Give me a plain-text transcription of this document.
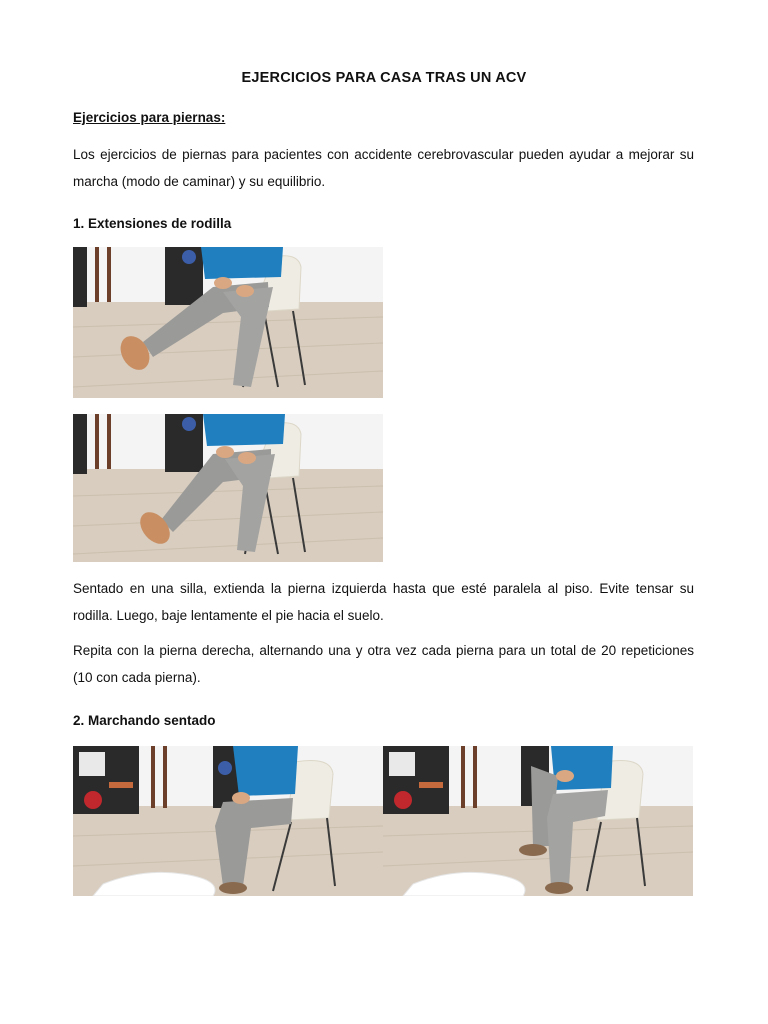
EJERCICIOS PARA CASA TRAS UN ACV
Ejercicios para piernas:
Los ejercicios de piernas para pacientes con accidente cerebrovascular pueden ayudar a mejorar su marcha (modo de caminar) y su equilibrio.
1. Extensiones de rodilla
Sentado en una silla, extienda la pierna izquierda hasta que esté paralela al piso. Evite tensar su rodilla. Luego, baje lentamente el pie hacia el suelo.
Repita con la pierna derecha, alternando una y otra vez cada pierna para un total de 20 repeticiones (10 con cada pierna).
2. Marchando sentado
